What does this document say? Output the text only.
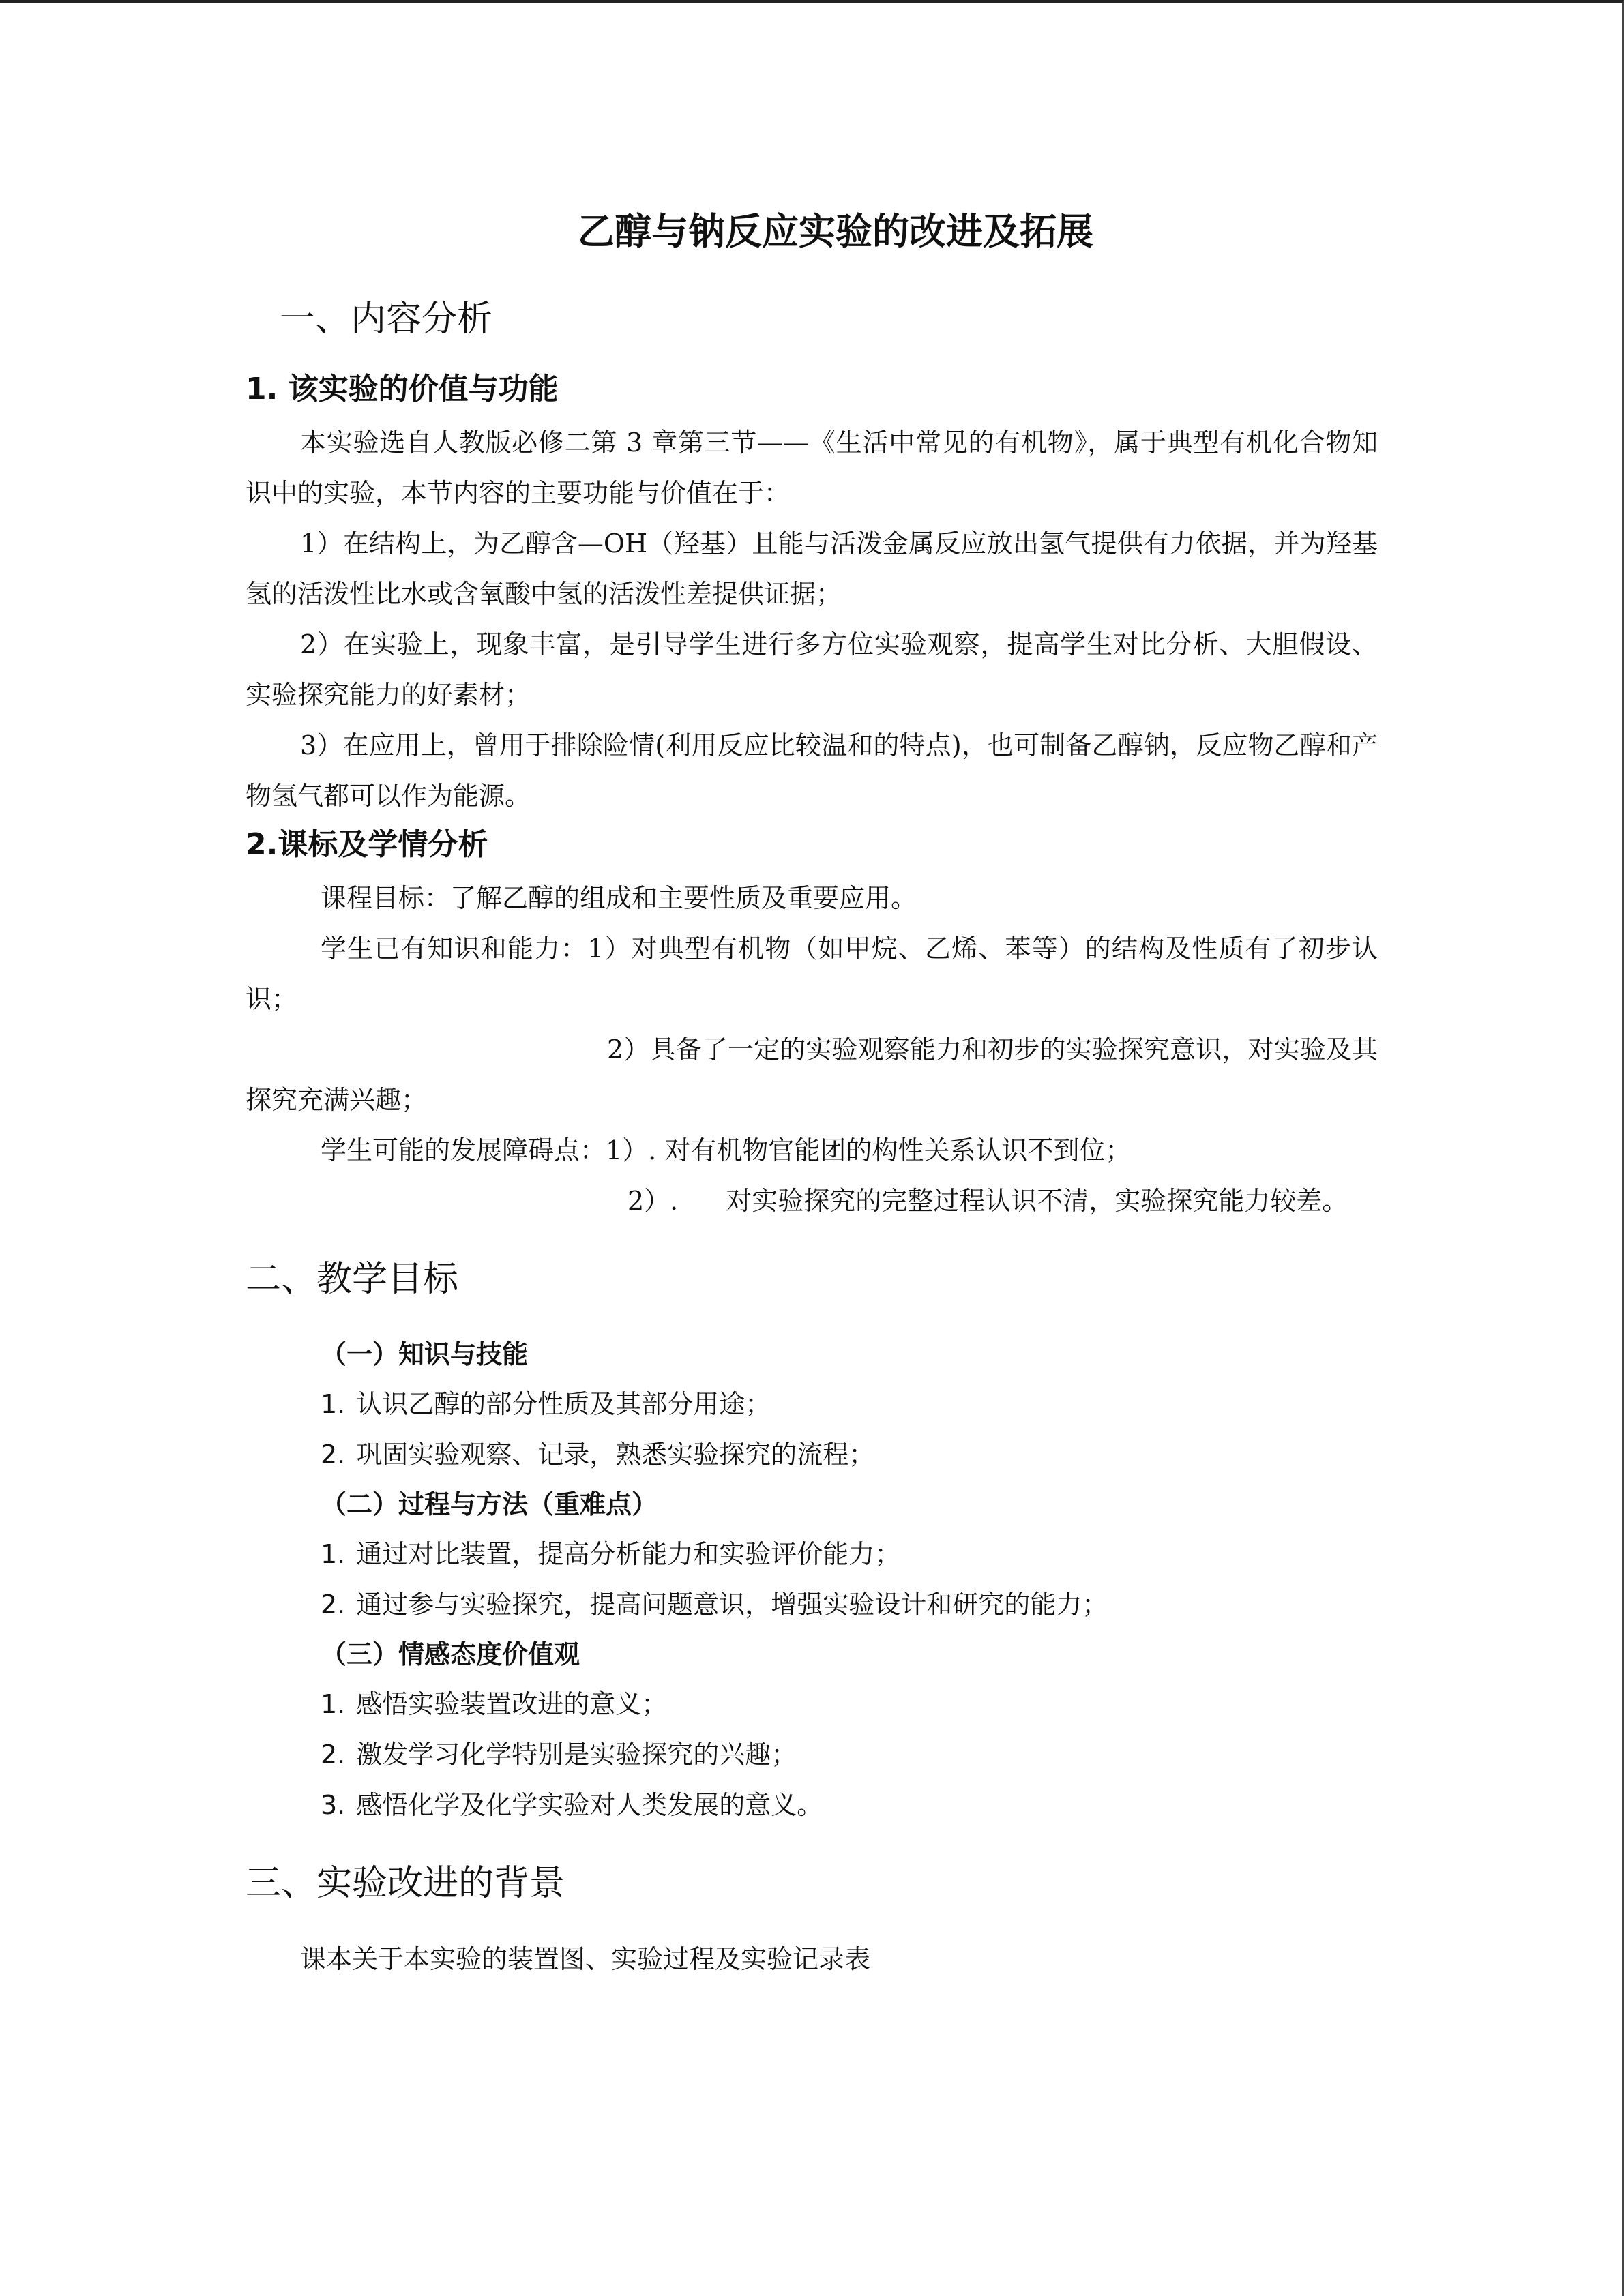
乙醇与钠反应实验的改进及拓展
一、内容分析
1. 该实验的价值与功能

本实验选自人教版必修二第 3 章第三节——《生活中常见的有机物》，属于典型有机化合物知识中的实验，本节内容的主要功能与价值在于：

1）在结构上，为乙醇含—OH（羟基）且能与活泼金属反应放出氢气提供有力依据，并为羟基氢的活泼性比水或含氧酸中氢的活泼性差提供证据；

2）在实验上，现象丰富，是引导学生进行多方位实验观察，提高学生对比分析、大胆假设、实验探究能力的好素材；

3）在应用上，曾用于排除险情(利用反应比较温和的特点)，也可制备乙醇钠，反应物乙醇和产物氢气都可以作为能源。

2.课标及学情分析

课程目标：了解乙醇的组成和主要性质及重要应用。

学生已有知识和能力：1）对典型有机物（如甲烷、乙烯、苯等）的结构及性质有了初步认识；

2）具备了一定的实验观察能力和初步的实验探究意识，对实验及其探究充满兴趣；

学生可能的发展障碍点：1）. 对有机物官能团的构性关系认识不到位；

2）. 对实验探究的完整过程认识不清，实验探究能力较差。

二、教学目标
（一）知识与技能
1. 认识乙醇的部分性质及其部分用途；
2. 巩固实验观察、记录，熟悉实验探究的流程；
（二）过程与方法（重难点）
1. 通过对比装置，提高分析能力和实验评价能力；
2. 通过参与实验探究，提高问题意识，增强实验设计和研究的能力；
（三）情感态度价值观
1. 感悟实验装置改进的意义；
2. 激发学习化学特别是实验探究的兴趣；
3. 感悟化学及化学实验对人类发展的意义。
三、实验改进的背景

课本关于本实验的装置图、实验过程及实验记录表
